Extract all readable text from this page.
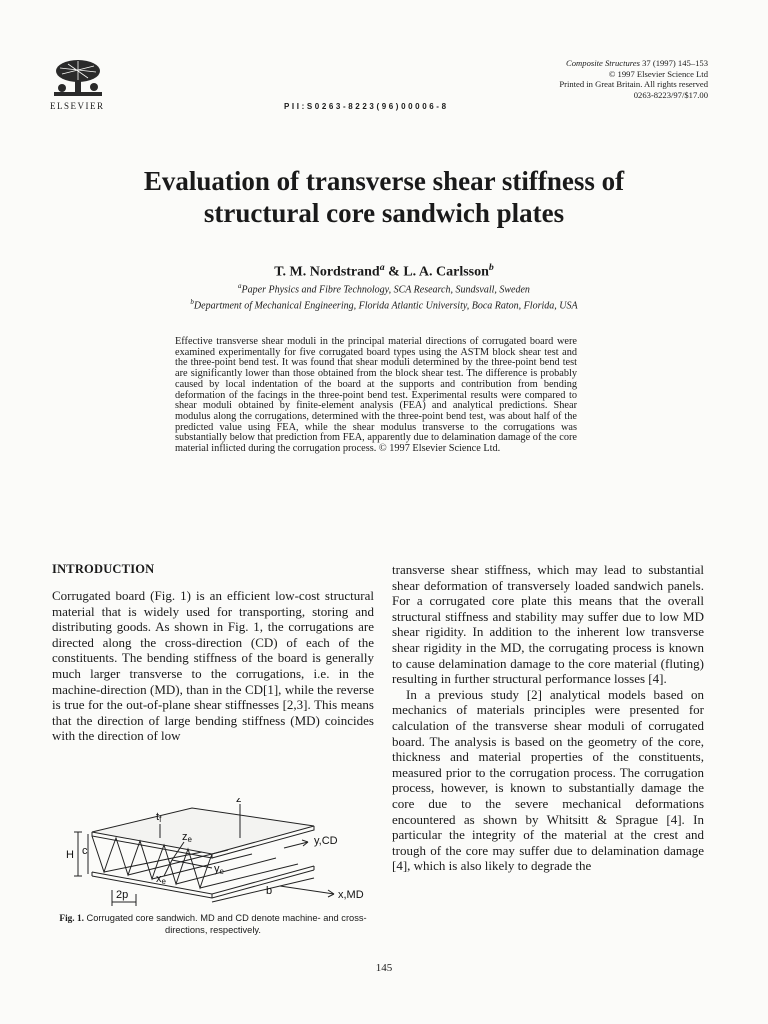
ELSEVIER
Composite Structures 37 (1997) 145–153
© 1997 Elsevier Science Ltd
Printed in Great Britain. All rights reserved
0263-8223/97/$17.00
PII:S0263-8223(96)00006-8
Evaluation of transverse shear stiffness of
structural core sandwich plates
T. M. Nordstrand$^a$ & L. A. Carlsson$^b$
$^a$Paper Physics and Fibre Technology, SCA Research, Sundsvall, Sweden
$^b$Department of Mechanical Engineering, Florida Atlantic University, Boca Raton, Florida, USA
Effective transverse shear moduli in the principal material directions of corrugated board were examined experimentally for five corrugated board types using the ASTM block shear test and the three-point bend test. It was found that shear moduli determined by the three-point bend test are significantly lower than those obtained from the block shear test. The difference is probably caused by local indentation of the board at the supports and contribution from bending deformation of the facings in the three-point bend test. Experimental results were compared to shear moduli obtained by finite-element analysis (FEA) and analytical predictions. Shear modulus along the corrugations, determined with the three-point bend test, was about half of the predicted value using FEA, while the shear modulus transverse to the corrugations was substantially below that prediction from FEA, apparently due to delamination damage of the core material inflicted during the corrugation process. © 1997 Elsevier Science Ltd.
INTRODUCTION

Corrugated board (Fig. 1) is an efficient low-cost structural material that is widely used for transporting, storing and distributing goods. As shown in Fig. 1, the corrugations are directed along the cross-direction (CD) of each of the constituents. The bending stiffness of the board is generally much larger transverse to the corrugations, i.e. in the machine-direction (MD), than in the CD[1], while the reverse is true for the out-of-plane shear stiffnesses [2,3]. This means that the direction of large bending stiffness (MD) coincides with the direction of low

H c
tf
ze
z
y,CD
ye
xe
2p	b	x,MD
Fig. 1. Corrugated core sandwich. MD and CD denote machine- and cross-directions, respectively.

transverse shear stiffness, which may lead to substantial shear deformation of transversely loaded sandwich panels. For a corrugated core plate this means that the overall structural stiffness and stability may suffer due to low MD shear rigidity. In addition to the inherent low transverse shear rigidity in the MD, the corrugating process is known to cause delamination damage to the core material (fluting) resulting in further structural performance losses [4].

In a previous study [2] analytical models based on mechanics of materials principles were presented for calculation of the transverse shear moduli of corrugated board. The analysis is based on the geometry of the core, thickness and material properties of the constituents, measured prior to the corrugation process. The corrugation process, however, is known to substantially damage the core due to the severe mechanical deformations encountered as shown by Whitsitt & Sprague [4]. In particular the integrity of the material at the crest and trough of the core may suffer due to delamination damage [4], which is also likely to degrade the

145
